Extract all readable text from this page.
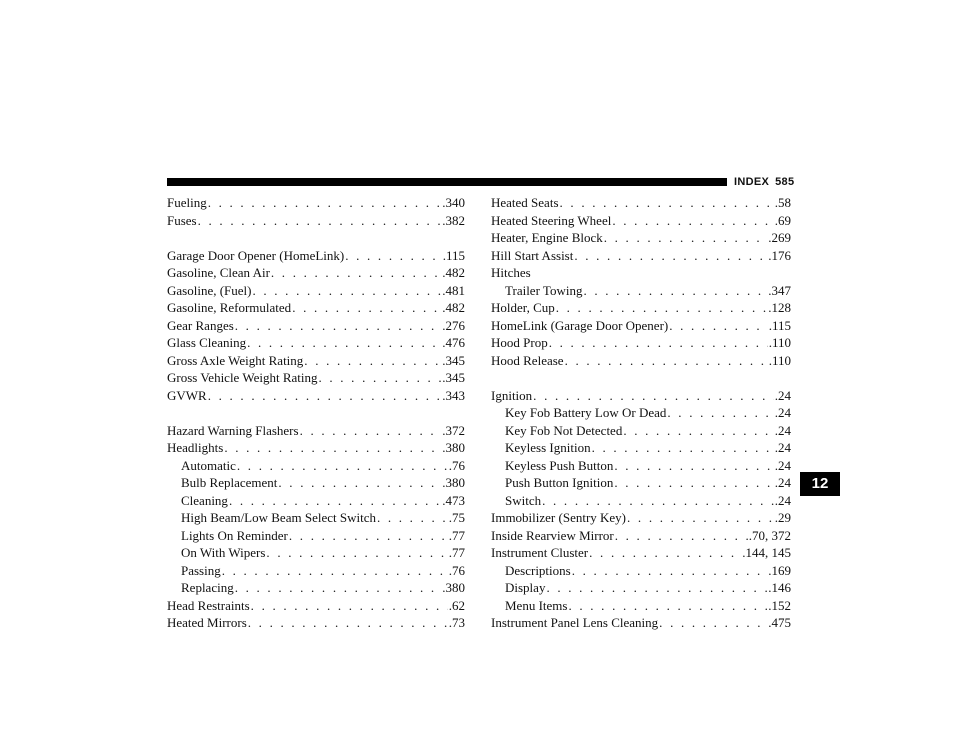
INDEX 585
Fueling . . .	.340
Fuses . . .	.382
Garage Door Opener (HomeLink) . . .	.115
Gasoline, Clean Air . . .	.482
Gasoline, (Fuel) . . .	.481
Gasoline, Reformulated . . .	.482
Gear Ranges . . .	.276
Glass Cleaning . . .	.476
Gross Axle Weight Rating . . .	.345
Gross Vehicle Weight Rating . . .	.345
GVWR . . .	.343
Hazard Warning Flashers . . .	.372
Headlights . . .	.380
Automatic . . .	.76
Bulb Replacement . . .	.380
Cleaning . . .	.473
High Beam/Low Beam Select Switch . . .	.75
Lights On Reminder . . .	.77
On With Wipers . . .	.77
Passing . . .	.76
Replacing . . .	.380
Head Restraints . . .	.62
Heated Mirrors . . .	.73
Heated Seats . . .	.58
Heated Steering Wheel . . .	.69
Heater, Engine Block . . .	.269
Hill Start Assist . . .	.176
Hitches
Trailer Towing . . .	.347
Holder, Cup . . .	.128
HomeLink (Garage Door Opener) . . .	.115
Hood Prop . . .	.110
Hood Release . . .	.110
Ignition . . .	.24
Key Fob Battery Low Or Dead . . .	.24
Key Fob Not Detected . . .	.24
Keyless Ignition . . .	.24
Keyless Push Button . . .	.24
Push Button Ignition . . .	.24
Switch . . .	.24
Immobilizer (Sentry Key) . . .	.29
Inside Rearview Mirror . . .	.70, 372
Instrument Cluster . . .	.144, 145
Descriptions . . .	.169
Display . . .	.146
Menu Items . . .	.152
Instrument Panel Lens Cleaning . . .	.475
12
